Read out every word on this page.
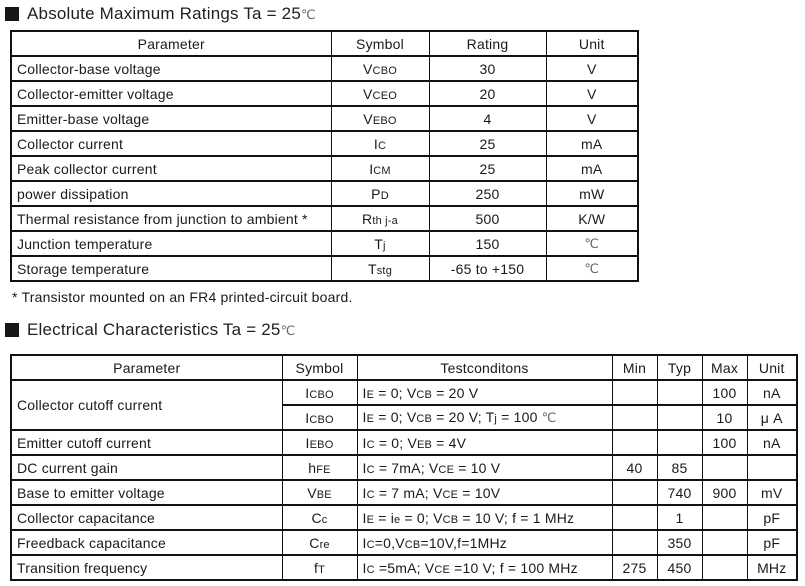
Absolute Maximum Ratings Ta = 25℃
Parameter	Symbol	Rating	Unit
Collector-base voltage	VCBO	30	V
Collector-emitter voltage	VCEO	20	V
Emitter-base voltage	VEBO	4	V
Collector current	IC	25	mA
Peak collector current	ICM	25	mA
power dissipation	PD	250	mW
Thermal resistance from junction to ambient *	Rth j-a	500	K/W
Junction temperature	Tj	150	℃
Storage temperature	Tstg	-65 to +150	℃
* Transistor mounted on an FR4 printed-circuit board.
Electrical Characteristics Ta = 25℃
Parameter	Symbol	Testconditons	Min	Typ	Max	Unit
Collector cutoff current	ICBO	IE = 0; VCB = 20 V			100	nA
	ICBO	IE = 0; VCB = 20 V; Tj = 100 ℃			10	μ A
Emitter cutoff current	IEBO	IC = 0; VEB = 4V			100	nA
DC current gain	hFE	IC = 7mA; VCE = 10 V	40	85		
Base to emitter voltage	VBE	IC = 7 mA; VCE = 10V		740	900	mV
Collector capacitance	Cc	IE = ie = 0; VCB = 10 V; f = 1 MHz		1		pF
Freedback capacitance	Cre	IC=0,VCB=10V,f=1MHz		350		pF
Transition frequency	fT	IC =5mA; VCE =10 V; f = 100 MHz	275	450		MHz
